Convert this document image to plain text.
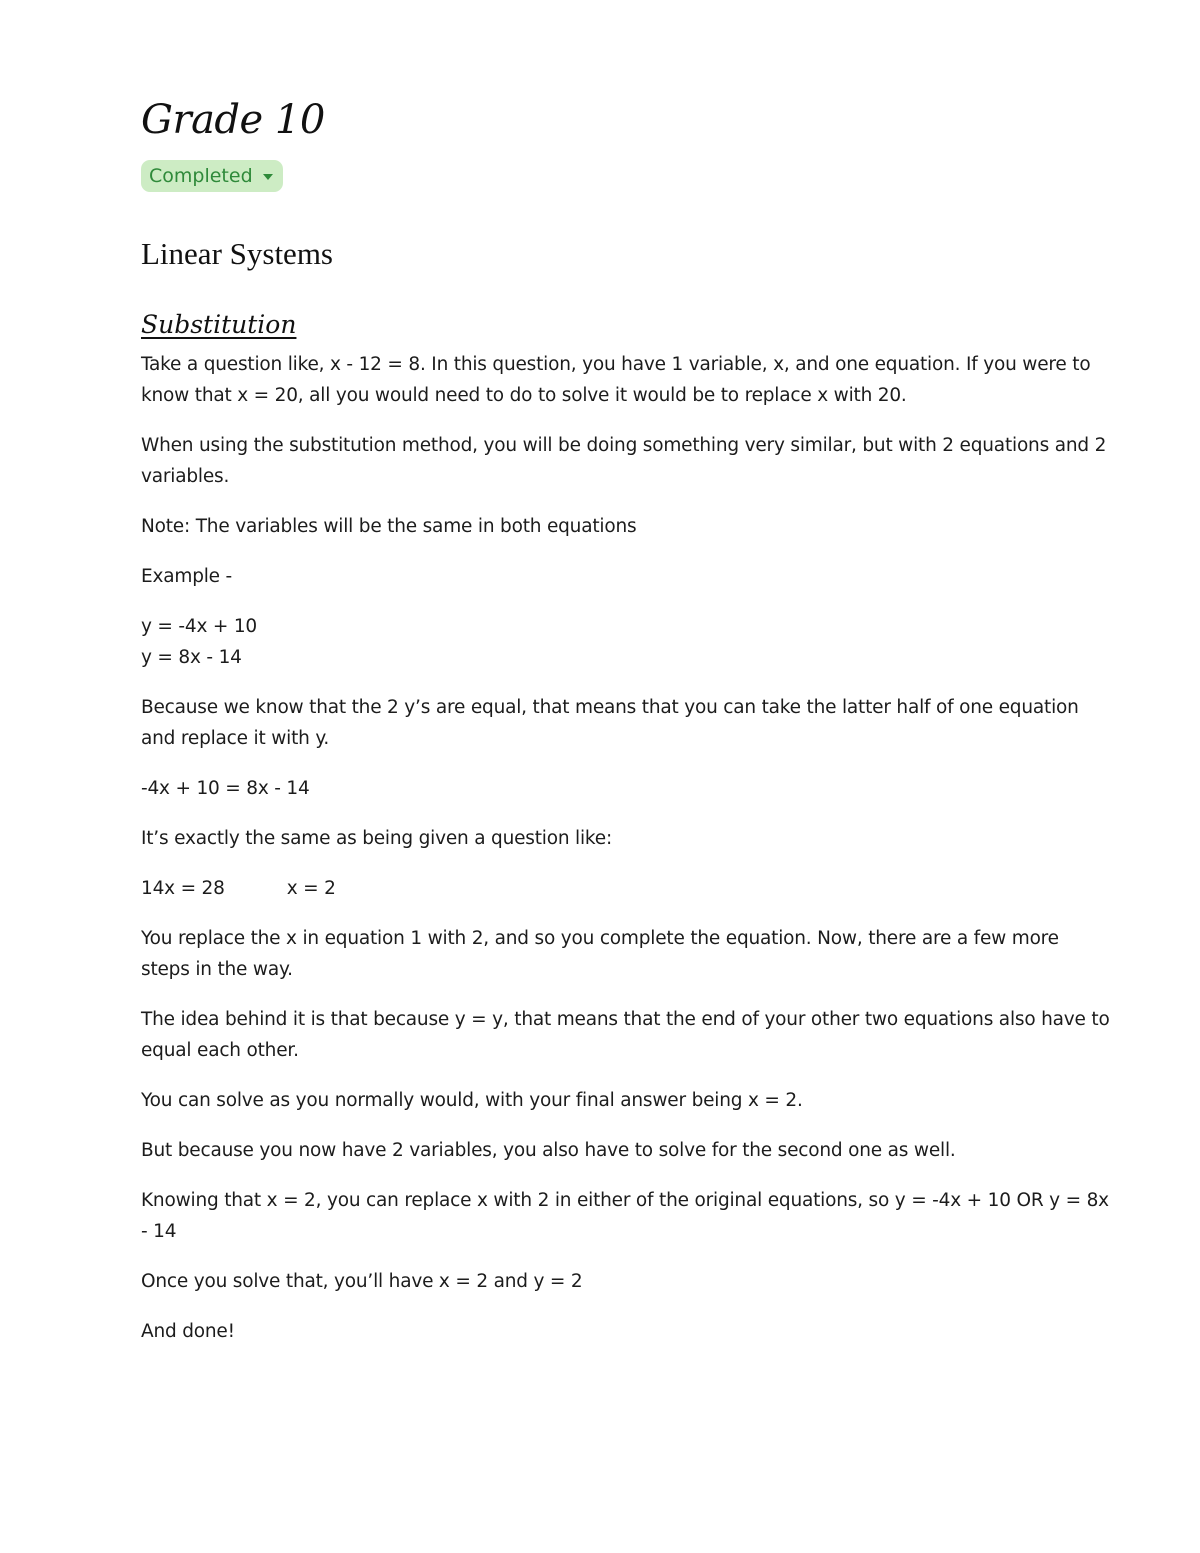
Grade 10
Completed
Linear Systems
Substitution

Take a question like, x - 12 = 8. In this question, you have 1 variable, x, and one equation. If you were to know that x = 20, all you would need to do to solve it would be to replace x with 20.

When using the substitution method, you will be doing something very similar, but with 2 equations and 2 variables.

Note: The variables will be the same in both equations

Example -

y = -4x + 10
y = 8x - 14

Because we know that the 2 y’s are equal, that means that you can take the latter half of one equation and replace it with y.

-4x + 10 = 8x - 14

It’s exactly the same as being given a question like:

14x = 28	x = 2

You replace the x in equation 1 with 2, and so you complete the equation. Now, there are a few more steps in the way.

The idea behind it is that because y = y, that means that the end of your other two equations also have to equal each other.

You can solve as you normally would, with your final answer being x = 2.

But because you now have 2 variables, you also have to solve for the second one as well.

Knowing that x = 2, you can replace x with 2 in either of the original equations, so y = -4x + 10 OR y = 8x - 14

Once you solve that, you’ll have x = 2 and y = 2

And done!
